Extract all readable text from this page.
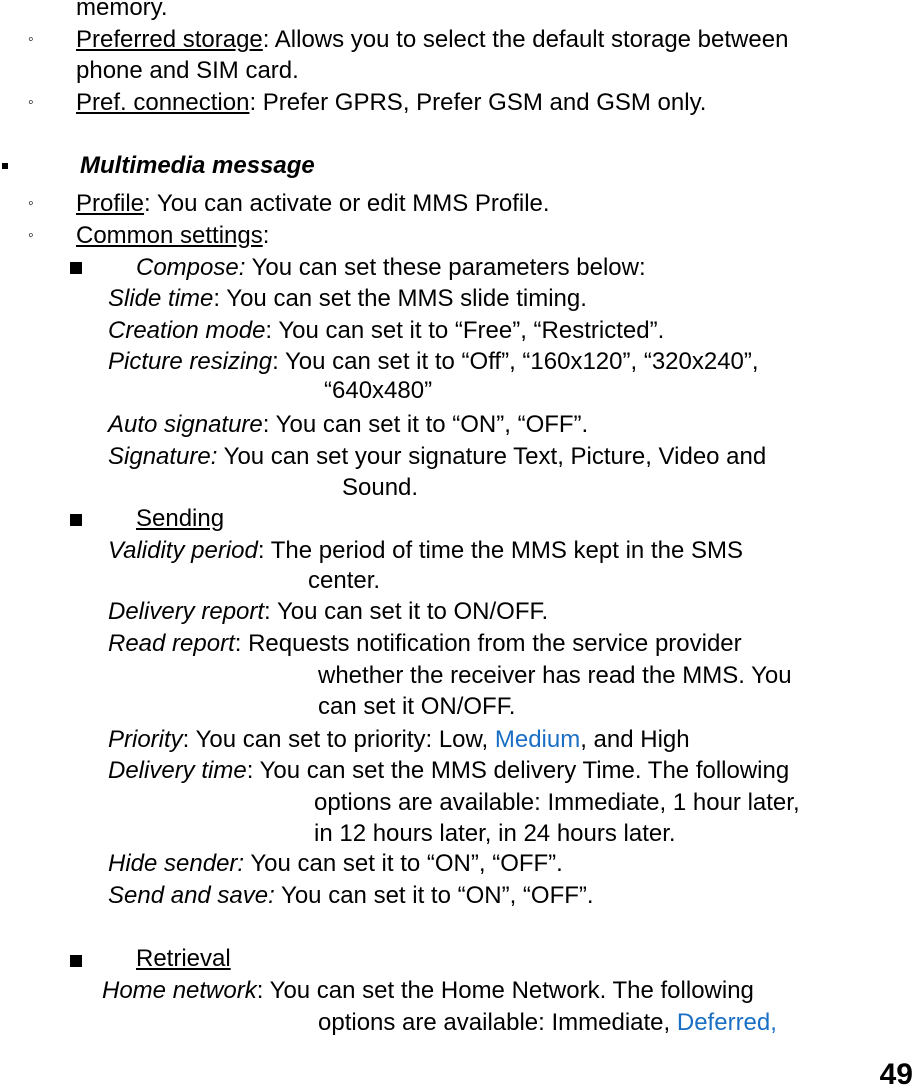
memory.
◦ Preferred storage: Allows you to select the default storage between
phone and SIM card.
◦ Pref. connection: Prefer GPRS, Prefer GSM and GSM only.
Multimedia message
◦ Profile: You can activate or edit MMS Profile.
◦ Common settings:
Compose: You can set these parameters below:
Slide time: You can set the MMS slide timing.
Creation mode: You can set it to “Free”, “Restricted”.
Picture resizing: You can set it to “Off”, “160x120”, “320x240”,
“640x480”
Auto signature: You can set it to “ON”, “OFF”.
Signature: You can set your signature Text, Picture, Video and
Sound.
Sending
Validity period: The period of time the MMS kept in the SMS
center.
Delivery report: You can set it to ON/OFF.
Read report: Requests notification from the service provider
whether the receiver has read the MMS. You
can set it ON/OFF.
Priority: You can set to priority: Low, Medium, and High
Delivery time: You can set the MMS delivery Time. The following
options are available: Immediate, 1 hour later,
in 12 hours later, in 24 hours later.
Hide sender: You can set it to “ON”, “OFF”.
Send and save: You can set it to “ON”, “OFF”.
Retrieval
Home network: You can set the Home Network. The following
options are available: Immediate, Deferred,
49
